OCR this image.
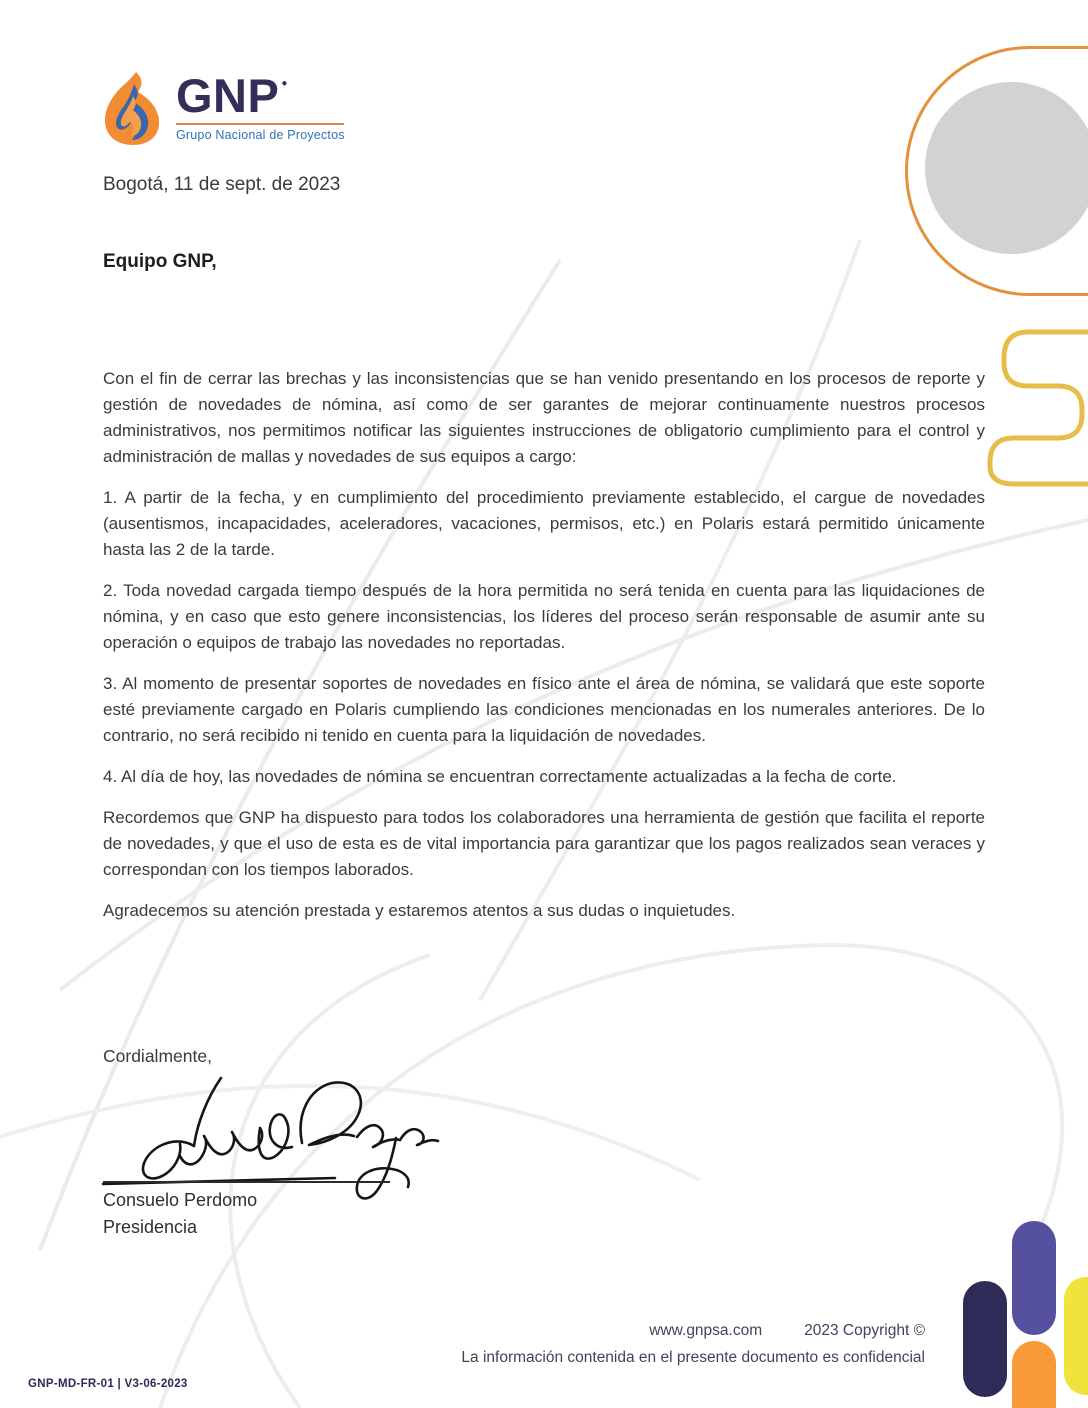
GNP ●
Grupo Nacional de Proyectos
Bogotá, 11 de sept. de 2023
Equipo GNP,

Con el fin de cerrar las brechas y las inconsistencias que se han venido presentando en los procesos de reporte y gestión de novedades de nómina, así como de ser garantes de mejorar continuamente nuestros procesos administrativos, nos permitimos notificar las siguientes instrucciones de obligatorio cumplimiento para el control y administración de mallas y novedades de sus equipos a cargo:

1. A partir de la fecha, y en cumplimiento del procedimiento previamente establecido, el cargue de novedades (ausentismos, incapacidades, aceleradores, vacaciones, permisos, etc.) en Polaris estará permitido únicamente hasta las 2 de la tarde.

2. Toda novedad cargada tiempo después de la hora permitida no será tenida en cuenta para las liquidaciones de nómina, y en caso que esto genere inconsistencias, los líderes del proceso serán responsable de asumir ante su operación o equipos de trabajo las novedades no reportadas.

3. Al momento de presentar soportes de novedades en físico ante el área de nómina, se validará que este soporte esté previamente cargado en Polaris cumpliendo las condiciones mencionadas en los numerales anteriores. De lo contrario, no será recibido ni tenido en cuenta para la liquidación de novedades.

4. Al día de hoy, las novedades de nómina se encuentran correctamente actualizadas a la fecha de corte.

Recordemos que GNP ha dispuesto para todos los colaboradores una herramienta de gestión que facilita el reporte de novedades, y que el uso de esta es de vital importancia para garantizar que los pagos realizados sean veraces y correspondan con los tiempos laborados.

Agradecemos su atención prestada y estaremos atentos a sus dudas o inquietudes.

Cordialmente,
Consuelo Perdomo
Presidencia
www.gnpsa.com	2023 Copyright ©
La información contenida en el presente documento es confidencial
GNP-MD-FR-01 | V3-06-2023
